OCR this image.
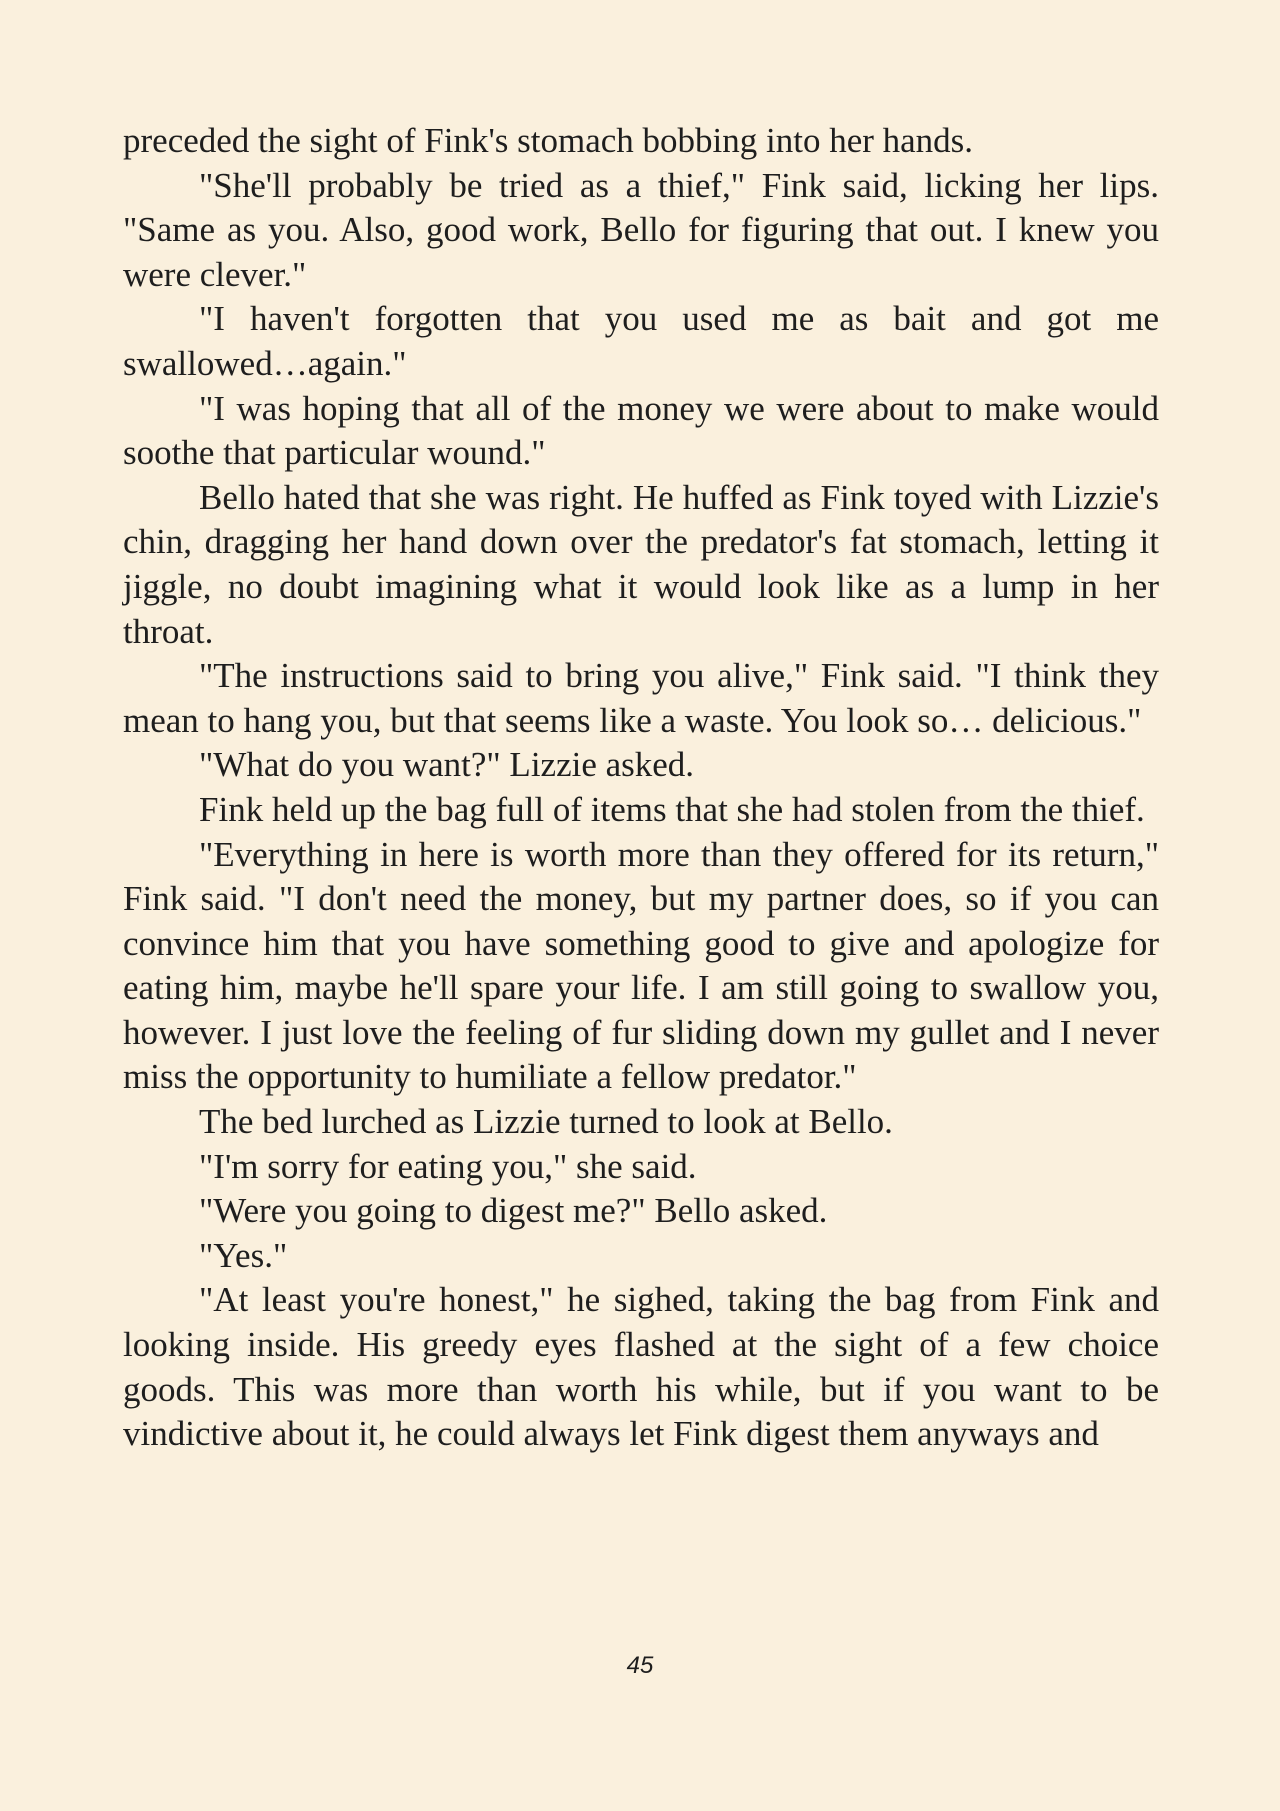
preceded the sight of Fink's stomach bobbing into her hands.

"She'll probably be tried as a thief," Fink said, licking her lips. "Same as you. Also, good work, Bello for figuring that out. I knew you were clever."

"I haven't forgotten that you used me as bait and got me swallowed…again."

"I was hoping that all of the money we were about to make would soothe that particular wound."

Bello hated that she was right. He huffed as Fink toyed with Lizzie's chin, dragging her hand down over the predator's fat stomach, letting it jiggle, no doubt imagining what it would look like as a lump in her throat.

"The instructions said to bring you alive," Fink said. "I think they mean to hang you, but that seems like a waste. You look so… delicious."

"What do you want?" Lizzie asked.

Fink held up the bag full of items that she had stolen from the thief.

"Everything in here is worth more than they offered for its return," Fink said. "I don't need the money, but my partner does, so if you can convince him that you have something good to give and apologize for eating him, maybe he'll spare your life. I am still going to swallow you, however. I just love the feeling of fur sliding down my gullet and I never miss the opportunity to humiliate a fellow predator."

The bed lurched as Lizzie turned to look at Bello.

"I'm sorry for eating you," she said.

"Were you going to digest me?" Bello asked.

"Yes."

"At least you're honest," he sighed, taking the bag from Fink and looking inside. His greedy eyes flashed at the sight of a few choice goods. This was more than worth his while, but if you want to be vindictive about it, he could always let Fink digest them anyways and

45
